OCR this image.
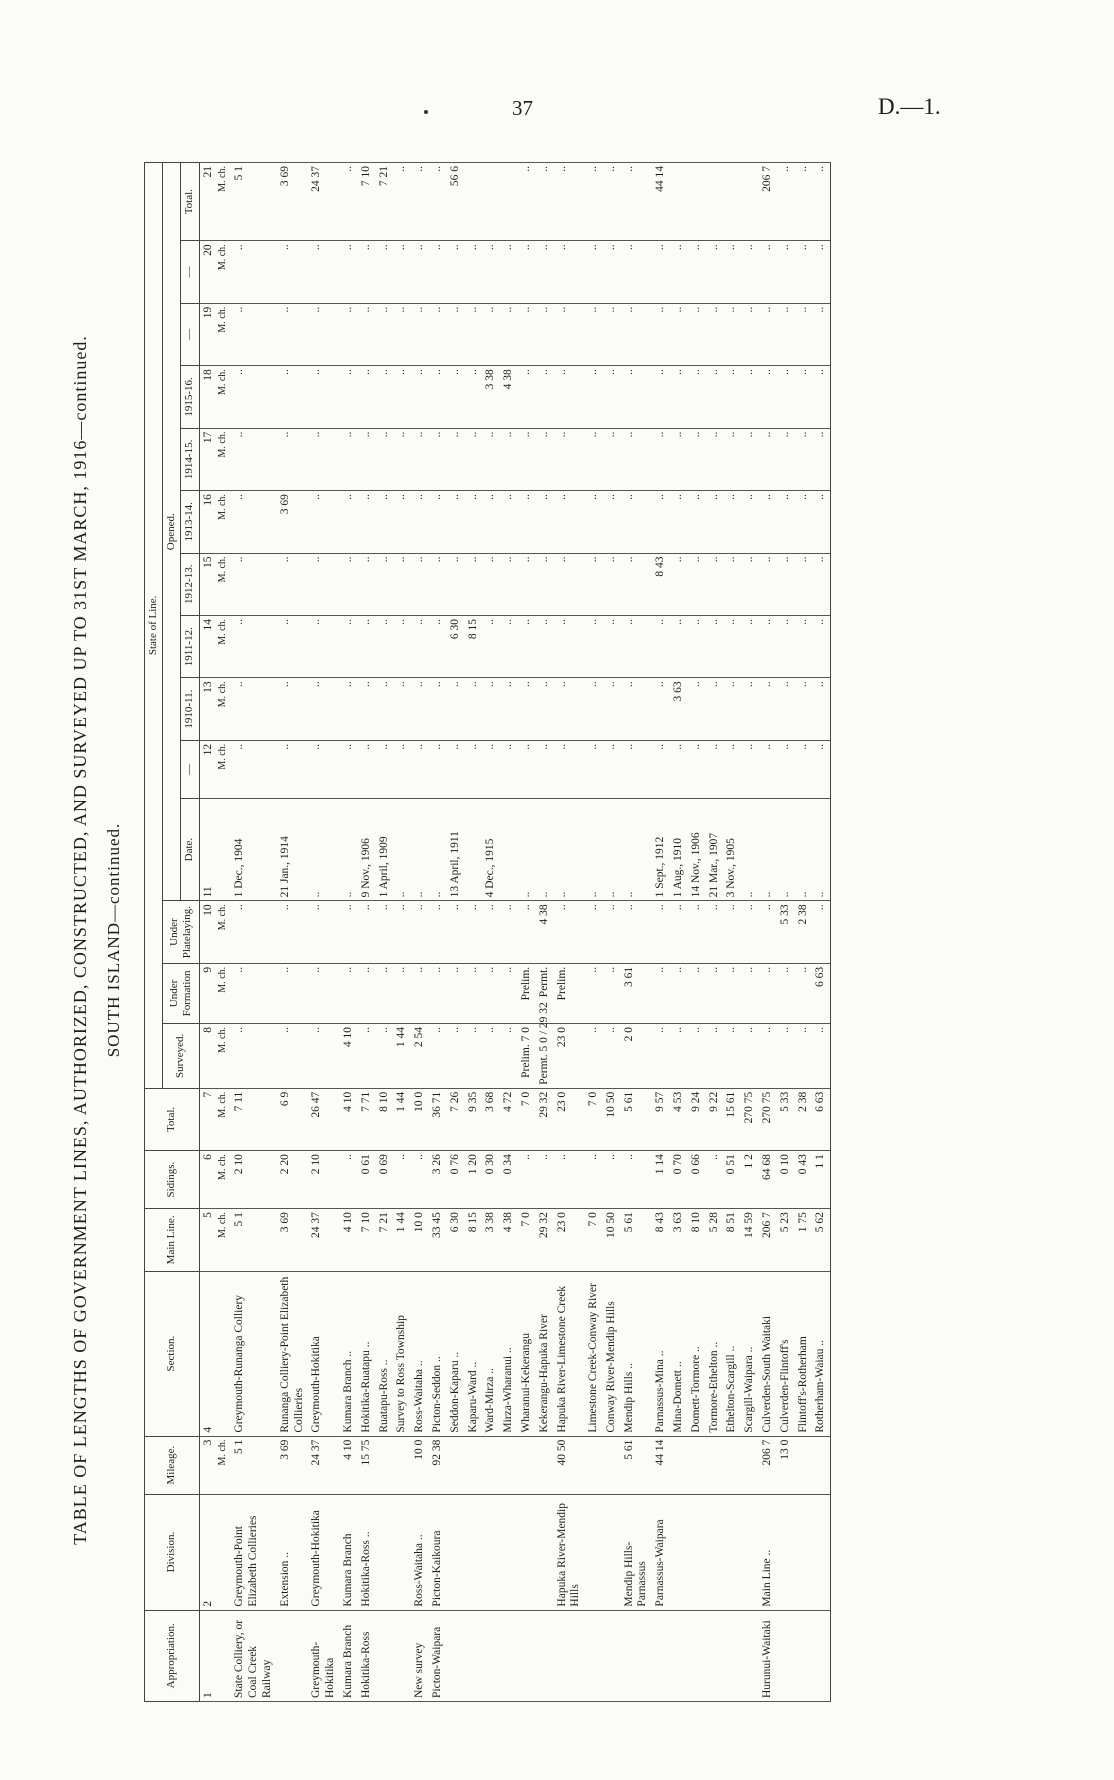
37	D.—1.
TABLE OF LENGTHS OF GOVERNMENT LINES, AUTHORIZED, CONSTRUCTED, AND SURVEYED UP TO 31ST MARCH, 1916—continued. SOUTH ISLAND—continued.
Appropriation.	Division.	Mileage.	Section.	Main Line.	Sidings.	Total.	State of Line.													
							Surveyed.	Under Formation	Under Platelaying.	Opened.										
										Date.	—	1910-11.	1911-12.	1912-13.	1913-14.	1914-15.	1915-16.	—	—	Total.
1	2	3	4	5	6	7	8	9	10	11	12	13	14	15	16	17	18	19	20	21
		M. ch.		M. ch.	M. ch.	M. ch.	M. ch.	M. ch.	M. ch.		M. ch.	M. ch.	M. ch.	M. ch.	M. ch.	M. ch.	M. ch.	M. ch.	M. ch.	M. ch.
State Colliery, or Coal Creek Railway	Greymouth-Point Elizabeth Collieries	5 1	Greymouth-Runanga Colliery	5 1	2 10	7 11	..	..	..	1 Dec., 1904	..	..	..	..	..	..	..	..	..	5 1
	Extension ..	3 69	Runanga Colliery-Point Elizabeth Collieries	3 69	2 20	6 9	..	..	..	21 Jan., 1914	..	..	..	..	3 69	..	..	..	..	3 69
Greymouth-Hokitika	Greymouth-Hokitika	24 37	Greymouth-Hokitika	24 37	2 10	26 47	..	..	..	..	..	..	..	..	..	..	..	..	..	24 37
Kumara Branch	Kumara Branch	4 10	Kumara Branch ..	4 10	..	4 10	4 10	..	..	..	..	..	..	..	..	..	..	..	..	..
Hokitika-Ross	Hokitika-Ross ..	15 75	Hokitika-Ruatapu ..	7 10	0 61	7 71	..	..	..	9 Nov., 1906	..	..	..	..	..	..	..	..	..	7 10
			Ruatapu-Ross ..	7 21	0 69	8 10	..	..	..	1 April, 1909	..	..	..	..	..	..	..	..	..	7 21
			Survey to Ross Township	1 44	..	1 44	1 44	..	..	..	..	..	..	..	..	..	..	..	..	..
New survey	Ross-Waitaha ..	10 0	Ross-Waitaha ..	10 0	..	10 0	2 54	..	..	..	..	..	..	..	..	..	..	..	..	..
Picton-Waipara	Picton-Kaikoura	92 38	Picton-Seddon ..	33 45	3 26	36 71	..	..	..	..	..	..	..	..	..	..	..	..	..	..
			Seddon-Kaparu ..	6 30	0 76	7 26	..	..	..	13 April, 1911	..	..	6 30	..	..	..	..	..	..	56 6
			Kaparu-Ward ..	8 15	1 20	9 35	..	..	..		..	..	8 15	..	..	..	..	..	..	
			Ward-Mirza ..	3 38	0 30	3 68	..	..	..	4 Dec., 1915	..	..	..	..	..	..	3 38	..	..	
			Mirza-Wharanui ..	4 38	0 34	4 72	..	..	..		..	..	..	..	..	..	4 38	..	..	
			Wharanui-Kekerangu	7 0	..	7 0	Prelim. 7 0	Prelim.	..	..	..	..	..	..	..	..	..	..	..	..
			Kekerangu-Hapuka River	29 32	..	29 32	Permt. 5 0 / 29 32	Permt.	4 38	..	..	..	..	..	..	..	..	..	..	..
	Hapuka River-Mendip Hills	40 50	Hapuka River-Limestone Creek	23 0	..	23 0	23 0	Prelim.	..	..	..	..	..	..	..	..	..	..	..	..
			Limestone Creek-Conway River	7 0	..	7 0	..	..	..	..	..	..	..	..	..	..	..	..	..	..
			Conway River-Mendip Hills	10 50	..	10 50	..	..	..	..	..	..	..	..	..	..	..	..	..	..
	Mendip Hills-Parnassus	5 61	Mendip Hills ..	5 61	..	5 61	2 0	3 61	..	..	..	..	..	..	..	..	..	..	..	..
	Parnassus-Waipara	44 14	Parnassus-Mina ..	8 43	1 14	9 57	..	..	..	1 Sept., 1912	..	..	..	8 43	..	..	..	..	..	44 14
			Mina-Domett ..	3 63	0 70	4 53	..	..	..	1 Aug., 1910	..	3 63	..	..	..	..	..	..	..	
			Domett-Tormore ..	8 10	0 66	9 24	..	..	..	14 Nov., 1906	..	..	..	..	..	..	..	..	..	
			Tormore-Ethelton ..	5 28	..	9 22	..	..	..	21 Mar., 1907	..	..	..	..	..	..	..	..	..	
			Ethelton-Scargill ..	8 51	0 51	15 61	..	..	..	3 Nov., 1905	..	..	..	..	..	..	..	..	..	
			Scargill-Waipara ..	14 59	1 2	270 75	..	..	..	..	..	..	..	..	..	..	..	..	..	
Hurunui-Waitaki	Main Line ..	206 7	Culverden-South Waitaki	206 7	64 68	270 75	..	..	..	..	..	..	..	..	..	..	..	..	..	206 7
		13 0	Culverden-Flintoff's	5 23	0 10	5 33	..	..	5 33	..	..	..	..	..	..	..	..	..	..	..
			Flintoff's-Rotherham	1 75	0 43	2 38	..	..	2 38	..	..	..	..	..	..	..	..	..	..	..
			Rotherham-Waiau ..	5 62	1 1	6 63	..	6 63	..	..	..	..	..	..	..	..	..	..	..	..
